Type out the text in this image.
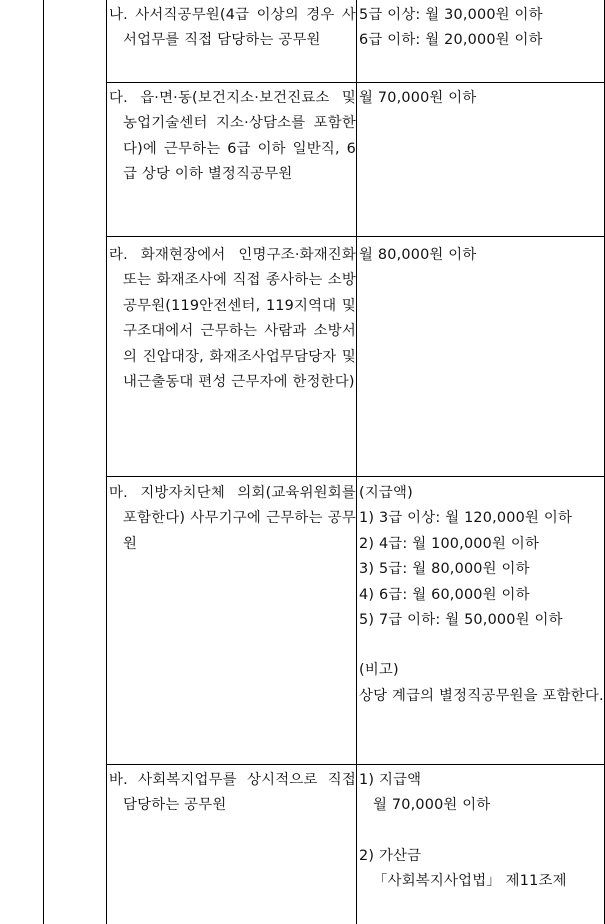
나. 사서직공무원(4급 이상의 경우 사서업무를 직접 담당하는 공무원
5급 이상: 월 30,000원 이하
6급 이하: 월 20,000원 이하
다. 읍·면·동(보건지소·보건진료소 및 농업기술센터 지소·상담소를 포함한다)에 근무하는 6급 이하 일반직, 6급 상당 이하 별정직공무원
월 70,000원 이하
라. 화재현장에서 인명구조·화재진화 또는 화재조사에 직접 종사하는 소방공무원(119안전센터, 119지역대 및 구조대에서 근무하는 사람과 소방서의 진압대장, 화재조사업무담당자 및 내근출동대 편성 근무자에 한정한다)
월 80,000원 이하
마. 지방자치단체 의회(교육위원회를 포함한다) 사무기구에 근무하는 공무원
(지급액)
1) 3급 이상: 월 120,000원 이하
2) 4급: 월 100,000원 이하
3) 5급: 월 80,000원 이하
4) 6급: 월 60,000원 이하
5) 7급 이하: 월 50,000원 이하
(비고)
상당 계급의 별정직공무원을 포함한다.
바. 사회복지업무를 상시적으로 직접 담당하는 공무원
1) 지급액
월 70,000원 이하
2) 가산금
「사회복지사업법」 제11조제
